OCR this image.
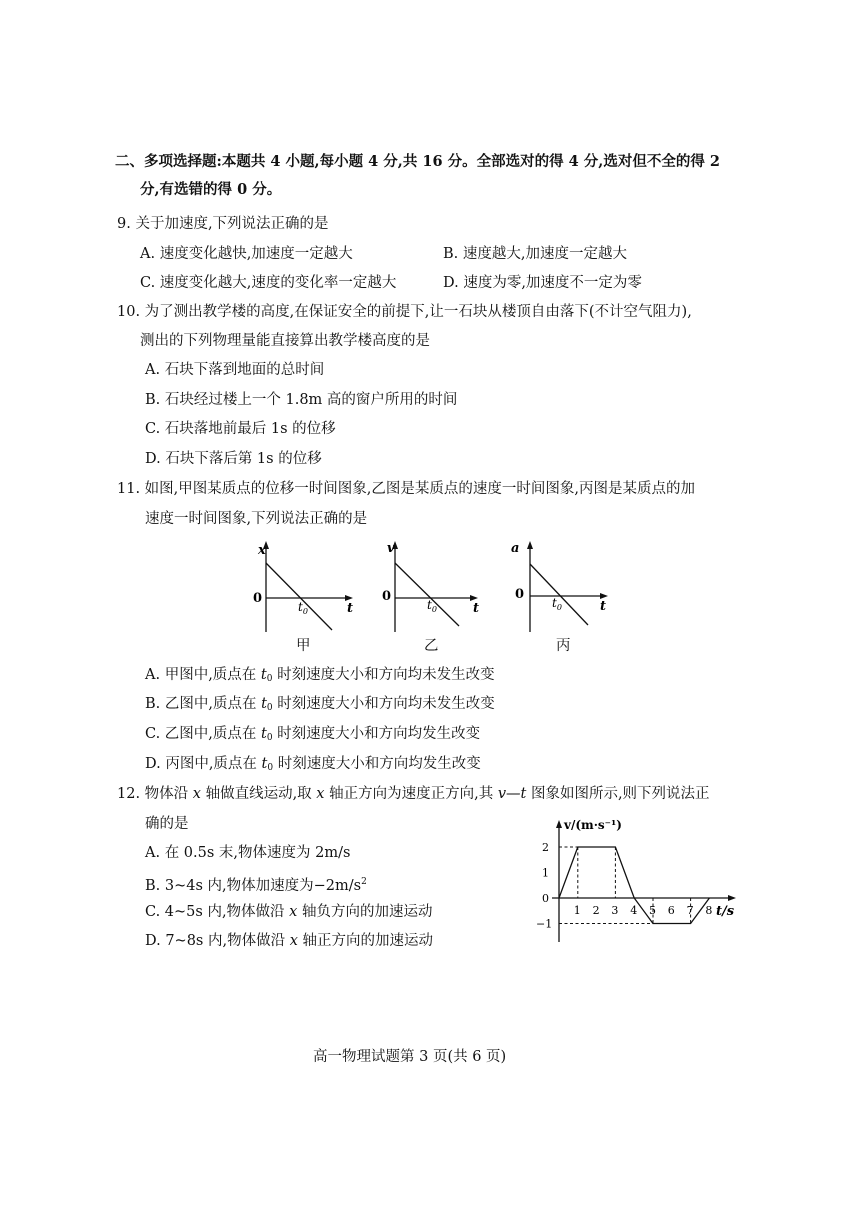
二、多项选择题:本题共 4 小题,每小题 4 分,共 16 分。全部选对的得 4 分,选对但不全的得 2
分,有选错的得 0 分。
9. 关于加速度,下列说法正确的是
A. 速度变化越快,加速度一定越大	B. 速度越大,加速度一定越大
C. 速度变化越大,速度的变化率一定越大	D. 速度为零,加速度不一定为零
10. 为了测出教学楼的高度,在保证安全的前提下,让一石块从楼顶自由落下(不计空气阻力),
测出的下列物理量能直接算出教学楼高度的是
A. 石块下落到地面的总时间
B. 石块经过楼上一个 1.8m 高的窗户所用的时间
C. 石块落地前最后 1s 的位移
D. 石块下落后第 1s 的位移
11. 如图,甲图某质点的位移一时间图象,乙图是某质点的速度一时间图象,丙图是某质点的加
速度一时间图象,下列说法正确的是
x
t
0
$t_0$
甲
v
t
0
$t_0$
乙
a
t
0
$t_0$
丙
A. 甲图中,质点在 $t_0$ 时刻速度大小和方向均未发生改变
B. 乙图中,质点在 $t_0$ 时刻速度大小和方向均未发生改变
C. 乙图中,质点在 $t_0$ 时刻速度大小和方向均发生改变
D. 丙图中,质点在 $t_0$ 时刻速度大小和方向均发生改变
12. 物体沿 x 轴做直线运动,取 x 轴正方向为速度正方向,其 v—t 图象如图所示,则下列说法正
确的是
A. 在 0.5s 末,物体速度为 2m/s
B. 3~4s 内,物体加速度为$-2m/s^2$
C. 4~5s 内,物体做沿 x 轴负方向的加速运动
D. 7~8s 内,物体做沿 x 轴正方向的加速运动
v/(m·s⁻¹)
t/s
1 2 3 4 5 6 7 8
2
1
0
−1
高一物理试题第 3 页(共 6 页)
